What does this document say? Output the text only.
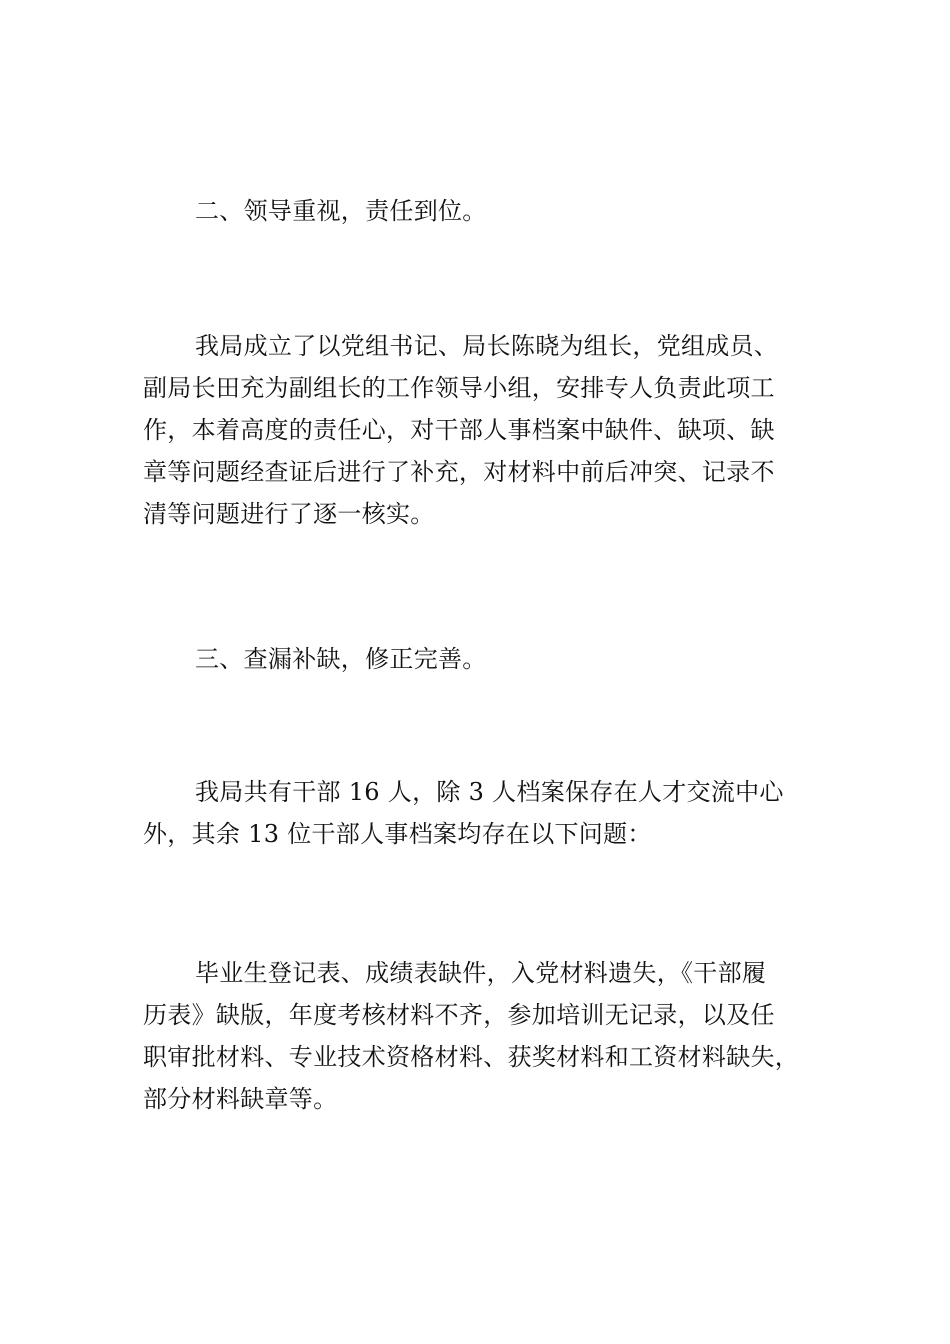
二、领导重视，责任到位。

我局成立了以党组书记、局长陈晓为组长，党组成员、
副局长田充为副组长的工作领导小组，安排专人负责此项工
作，本着高度的责任心，对干部人事档案中缺件、缺项、缺
章等问题经查证后进行了补充，对材料中前后冲突、记录不
清等问题进行了逐一核实。

三、查漏补缺，修正完善。

我局共有干部 16 人，除 3 人档案保存在人才交流中心
外，其余 13 位干部人事档案均存在以下问题：

毕业生登记表、成绩表缺件，入党材料遗失，《干部履
历表》缺版，年度考核材料不齐，参加培训无记录，以及任
职审批材料、专业技术资格材料、获奖材料和工资材料缺失，
部分材料缺章等。
